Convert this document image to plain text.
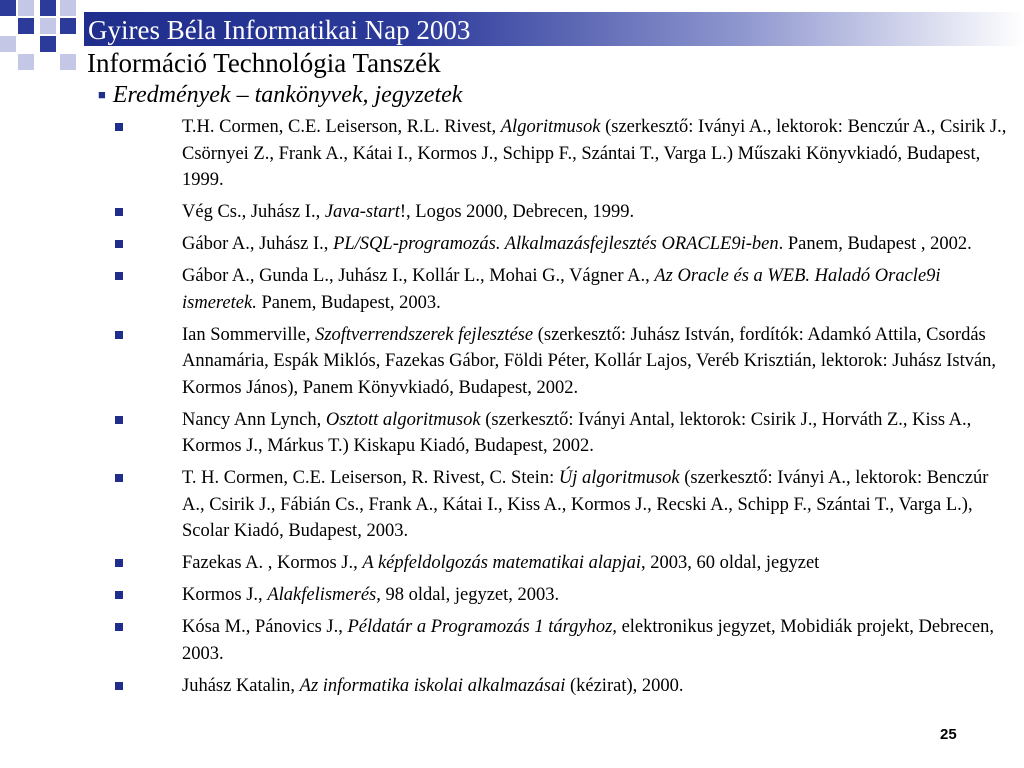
Gyires Béla Informatikai Nap 2003
Információ Technológia Tanszék
■ Eredmények – tankönyvek, jegyzetek
T.H. Cormen, C.E. Leiserson, R.L. Rivest, Algoritmusok (szerkesztő: Iványi A., lektorok: Benczúr A., Csirik J., Csörnyei Z., Frank A., Kátai I., Kormos J., Schipp F., Szántai T., Varga L.) Műszaki Könyvkiadó, Budapest, 1999.
Vég Cs., Juhász I., Java-start!, Logos 2000, Debrecen, 1999.
Gábor A., Juhász I., PL/SQL-programozás. Alkalmazásfejlesztés ORACLE9i-ben. Panem, Budapest , 2002.
Gábor A., Gunda L., Juhász I., Kollár L., Mohai G., Vágner A., Az Oracle és a WEB. Haladó Oracle9i ismeretek. Panem, Budapest, 2003.
Ian Sommerville, Szoftverrendszerek fejlesztése (szerkesztő: Juhász István, fordítók: Adamkó Attila, Csordás Annamária, Espák Miklós, Fazekas Gábor, Földi Péter, Kollár Lajos, Veréb Krisztián, lektorok: Juhász István, Kormos János), Panem Könyvkiadó, Budapest, 2002.
Nancy Ann Lynch, Osztott algoritmusok (szerkesztő: Iványi Antal, lektorok: Csirik J., Horváth Z., Kiss A., Kormos J., Márkus T.) Kiskapu Kiadó, Budapest, 2002.
T. H. Cormen, C.E. Leiserson, R. Rivest, C. Stein: Új algoritmusok (szerkesztő: Iványi A., lektorok: Benczúr A., Csirik J., Fábián Cs., Frank A., Kátai I., Kiss A., Kormos J., Recski A., Schipp F., Szántai T., Varga L.), Scolar Kiadó, Budapest, 2003.
Fazekas A. , Kormos J., A képfeldolgozás matematikai alapjai, 2003, 60 oldal, jegyzet
Kormos J., Alakfelismerés, 98 oldal, jegyzet, 2003.
Kósa M., Pánovics J., Példatár a Programozás 1 tárgyhoz, elektronikus jegyzet, Mobidiák projekt, Debrecen, 2003.
Juhász Katalin, Az informatika iskolai alkalmazásai (kézirat), 2000.
25
